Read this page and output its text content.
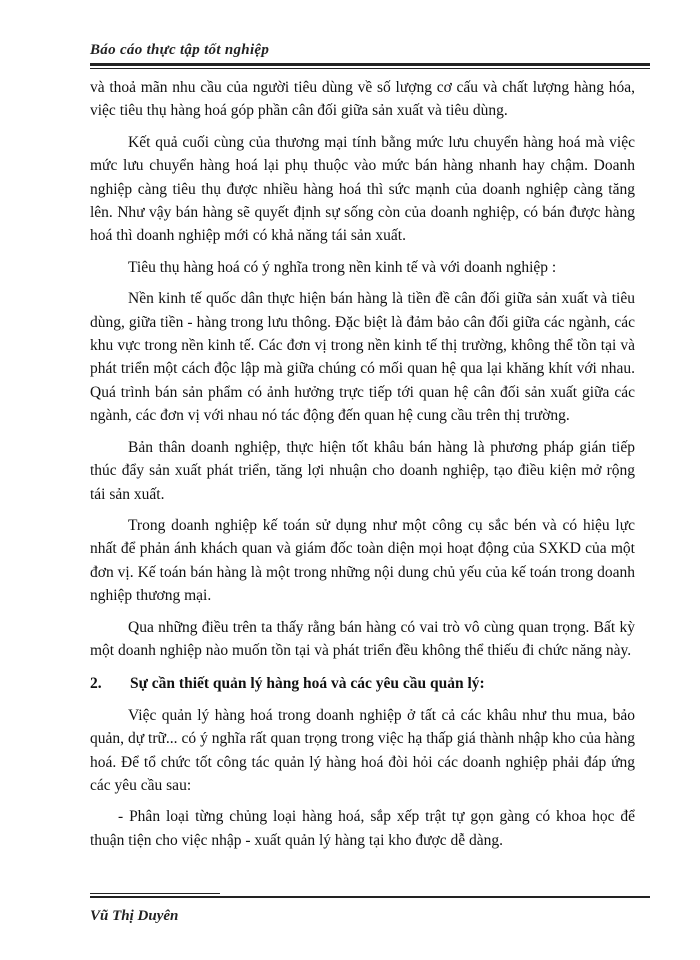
Báo cáo thực tập tốt nghiệp

và thoả mãn nhu cầu của người tiêu dùng về số lượng cơ cấu và chất lượng hàng hóa, việc tiêu thụ hàng hoá góp phần cân đối giữa sản xuất và tiêu dùng.

Kết quả cuối cùng của thương mại tính bằng mức lưu chuyển hàng hoá mà việc mức lưu chuyển hàng hoá lại phụ thuộc vào mức bán hàng nhanh hay chậm. Doanh nghiệp càng tiêu thụ được nhiều hàng hoá thì sức mạnh của doanh nghiệp càng tăng lên. Như vậy bán hàng sẽ quyết định sự sống còn của doanh nghiệp, có bán được hàng hoá thì doanh nghiệp mới có khả năng tái sản xuất.

Tiêu thụ hàng hoá có ý nghĩa trong nền kinh tế và với doanh nghiệp :

Nền kinh tế quốc dân thực hiện bán hàng là tiền đề cân đối giữa sản xuất và tiêu dùng, giữa tiền - hàng trong lưu thông. Đặc biệt là đảm bảo cân đối giữa các ngành, các khu vực trong nền kinh tế. Các đơn vị trong nền kinh tế thị trường, không thể tồn tại và phát triển một cách độc lập mà giữa chúng có mối quan hệ qua lại khăng khít với nhau. Quá trình bán sản phẩm có ảnh hưởng trực tiếp tới quan hệ cân đối sản xuất giữa các ngành, các đơn vị với nhau nó tác động đến quan hệ cung cầu trên thị trường.

Bản thân doanh nghiệp, thực hiện tốt khâu bán hàng là phương pháp gián tiếp thúc đẩy sản xuất phát triển, tăng lợi nhuận cho doanh nghiệp, tạo điều kiện mở rộng tái sản xuất.

Trong doanh nghiệp kế toán sử dụng như một công cụ sắc bén và có hiệu lực nhất để phản ánh khách quan và giám đốc toàn diện mọi hoạt động của SXKD của một đơn vị. Kế toán bán hàng là một trong những nội dung chủ yếu của kế toán trong doanh nghiệp thương mại.

Qua những điều trên ta thấy rằng bán hàng có vai trò vô cùng quan trọng. Bất kỳ một doanh nghiệp nào muốn tồn tại và phát triển đều không thể thiếu đi chức năng này.

2.	Sự cần thiết quản lý hàng hoá và các yêu cầu quản lý:

Việc quản lý hàng hoá trong doanh nghiệp ở tất cả các khâu như thu mua, bảo quản, dự trữ... có ý nghĩa rất quan trọng trong việc hạ thấp giá thành nhập kho của hàng hoá. Để tổ chức tốt công tác quản lý hàng hoá đòi hỏi các doanh nghiệp phải đáp ứng các yêu cầu sau:

- Phân loại từng chủng loại hàng hoá, sắp xếp trật tự gọn gàng có khoa học để thuận tiện cho việc nhập - xuất quản lý hàng tại kho được dễ dàng.

Vũ Thị Duyên
